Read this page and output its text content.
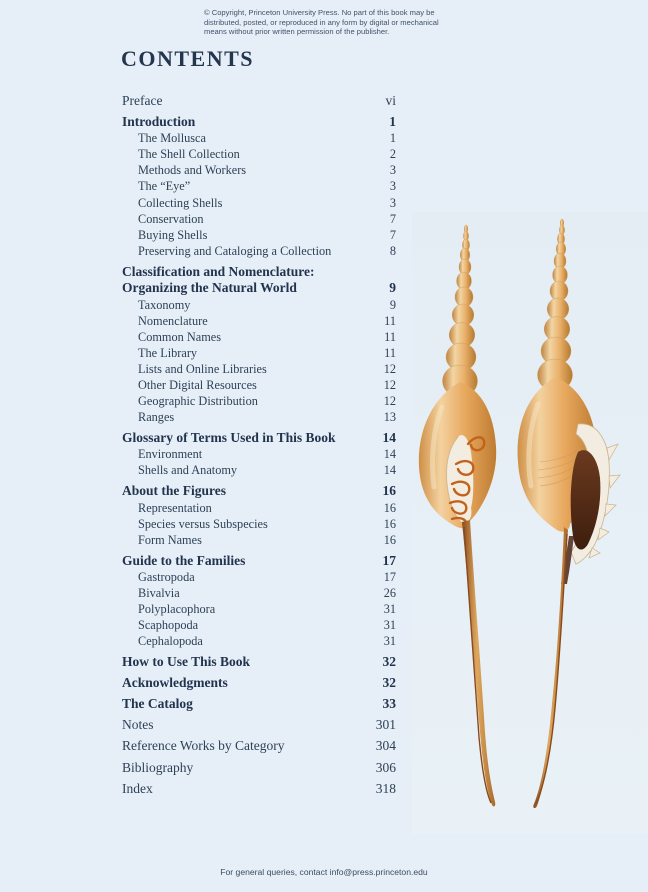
© Copyright, Princeton University Press. No part of this book may be distributed, posted, or reproduced in any form by digital or mechanical means without prior written permission of the publisher.
CONTENTS
Preface	vi
Introduction	1
The Mollusca	1
The Shell Collection	2
Methods and Workers	3
The “Eye”	3
Collecting Shells	3
Conservation	7
Buying Shells	7
Preserving and Cataloging a Collection	8
Classification and Nomenclature:
Organizing the Natural World	9
Taxonomy	9
Nomenclature	11
Common Names	11
The Library	11
Lists and Online Libraries	12
Other Digital Resources	12
Geographic Distribution	12
Ranges	13
Glossary of Terms Used in This Book	14
Environment	14
Shells and Anatomy	14
About the Figures	16
Representation	16
Species versus Subspecies	16
Form Names	16
Guide to the Families	17
Gastropoda	17
Bivalvia	26
Polyplacophora	31
Scaphopoda	31
Cephalopoda	31
How to Use This Book	32
Acknowledgments	32
The Catalog	33
Notes	301
Reference Works by Category	304
Bibliography	306
Index	318
For general queries, contact info@press.princeton.edu
